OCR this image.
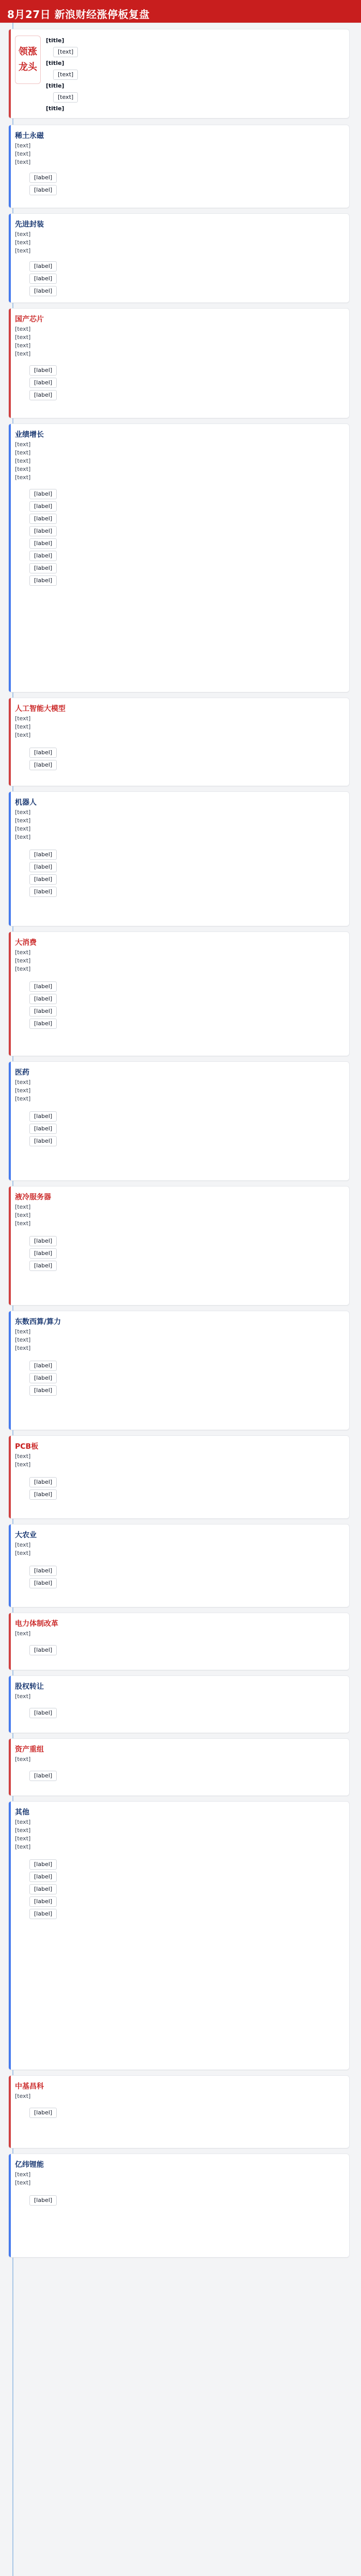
8月27日 新浪财经涨停板复盘
领涨
龙头
[title]
[text]
[title]
[text]
[title]
[text]
[title]
稀土永磁
[text]
[text]
[text]
[label]
[label]
先进封装
[text]
[text]
[text]
[label]
[label]
[label]
国产芯片
[text]
[text]
[text]
[text]
[label]
[label]
[label]
业绩增长
[text]
[text]
[text]
[text]
[text]
[label]
[label]
[label]
[label]
[label]
[label]
[label]
[label]
人工智能大模型
[text]
[text]
[text]
[label]
[label]
机器人
[text]
[text]
[text]
[text]
[label]
[label]
[label]
[label]
大消费
[text]
[text]
[text]
[label]
[label]
[label]
[label]
医药
[text]
[text]
[text]
[label]
[label]
[label]
液冷服务器
[text]
[text]
[text]
[label]
[label]
[label]
东数西算/算力
[text]
[text]
[text]
[label]
[label]
[label]
PCB板
[text]
[text]
[label]
[label]
大农业
[text]
[text]
[label]
[label]
电力体制改革
[text]
[label]
股权转让
[text]
[label]
资产重组
[text]
[label]
其他
[text]
[text]
[text]
[text]
[label]
[label]
[label]
[label]
[label]
中基昌科
[text]
[label]
亿纬锂能
[text]
[text]
[label]
